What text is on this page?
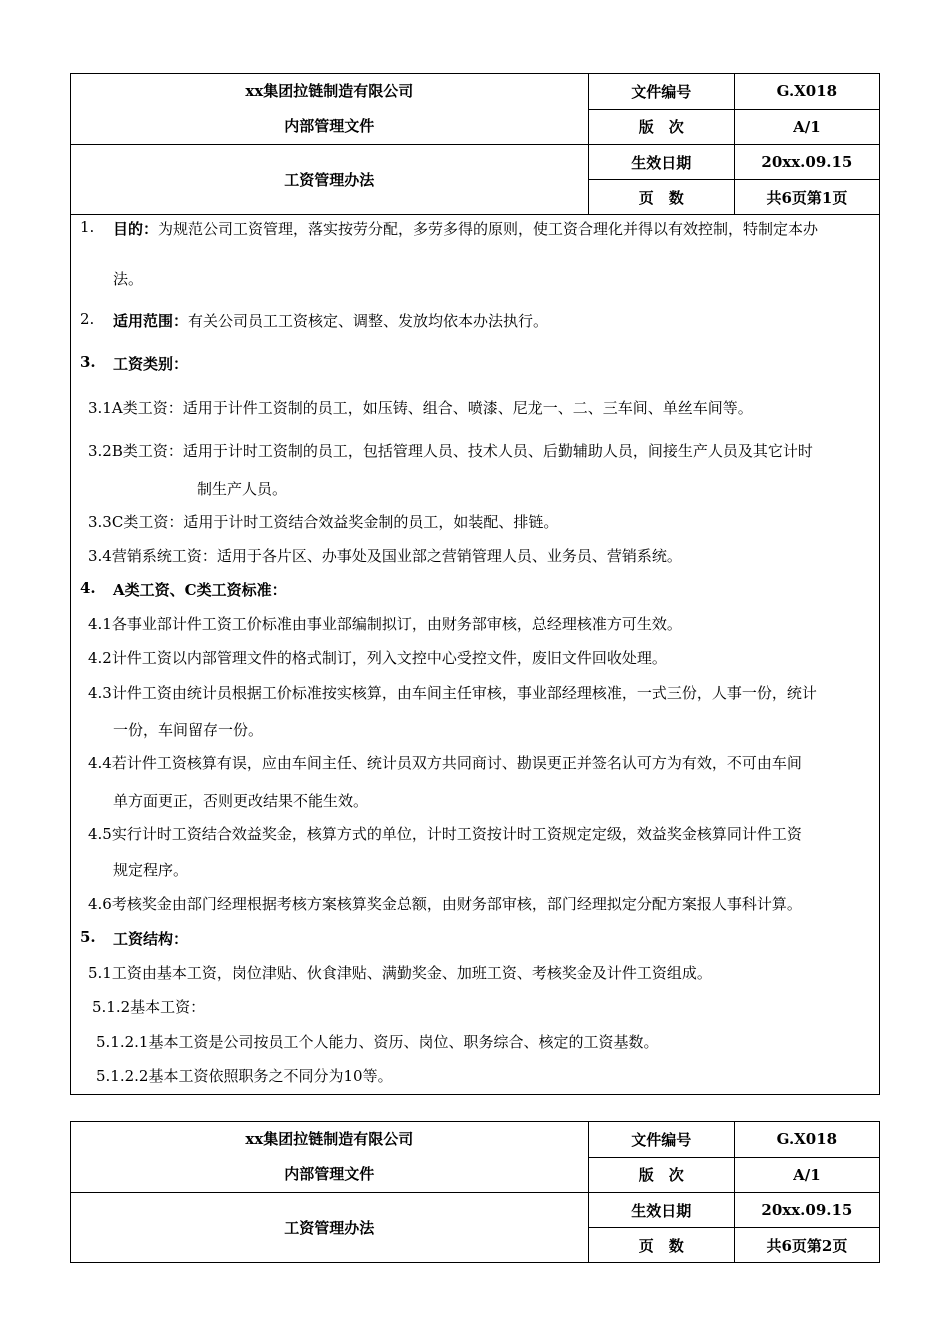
xx集团拉链制造有限公司
内部管理文件	文件编号	G.X018
	版　次	A/1
工资管理办法	生效日期	20xx.09.15
	页　数	共6页第1页
1. 目的：为规范公司工资管理，落实按劳分配，多劳多得的原则，使工资合理化并得以有效控制，特制定本办
法。
2. 适用范围：有关公司员工工资核定、调整、发放均依本办法执行。
3. 工资类别：
3.1A类工资：适用于计件工资制的员工，如压铸、组合、喷漆、尼龙一、二、三车间、单丝车间等。
3.2B类工资：适用于计时工资制的员工，包括管理人员、技术人员、后勤辅助人员，间接生产人员及其它计时
制生产人员。
3.3C类工资：适用于计时工资结合效益奖金制的员工，如装配、排链。
3.4营销系统工资：适用于各片区、办事处及国业部之营销管理人员、业务员、营销系统。
4. A类工资、C类工资标准：
4.1各事业部计件工资工价标准由事业部编制拟订，由财务部审核，总经理核准方可生效。
4.2计件工资以内部管理文件的格式制订，列入文控中心受控文件，废旧文件回收处理。
4.3计件工资由统计员根据工价标准按实核算，由车间主任审核，事业部经理核准，一式三份，人事一份，统计
一份，车间留存一份。
4.4若计件工资核算有误，应由车间主任、统计员双方共同商讨、勘误更正并签名认可方为有效，不可由车间
单方面更正，否则更改结果不能生效。
4.5实行计时工资结合效益奖金，核算方式的单位，计时工资按计时工资规定定级，效益奖金核算同计件工资
规定程序。
4.6考核奖金由部门经理根据考核方案核算奖金总额，由财务部审核，部门经理拟定分配方案报人事科计算。
5. 工资结构：
5.1工资由基本工资，岗位津贴、伙食津贴、满勤奖金、加班工资、考核奖金及计件工资组成。
5.1.2基本工资：
5.1.2.1基本工资是公司按员工个人能力、资历、岗位、职务综合、核定的工资基数。
5.1.2.2基本工资依照职务之不同分为10等。
xx集团拉链制造有限公司
内部管理文件	文件编号	G.X018
	版　次	A/1
工资管理办法	生效日期	20xx.09.15
	页　数	共6页第2页
